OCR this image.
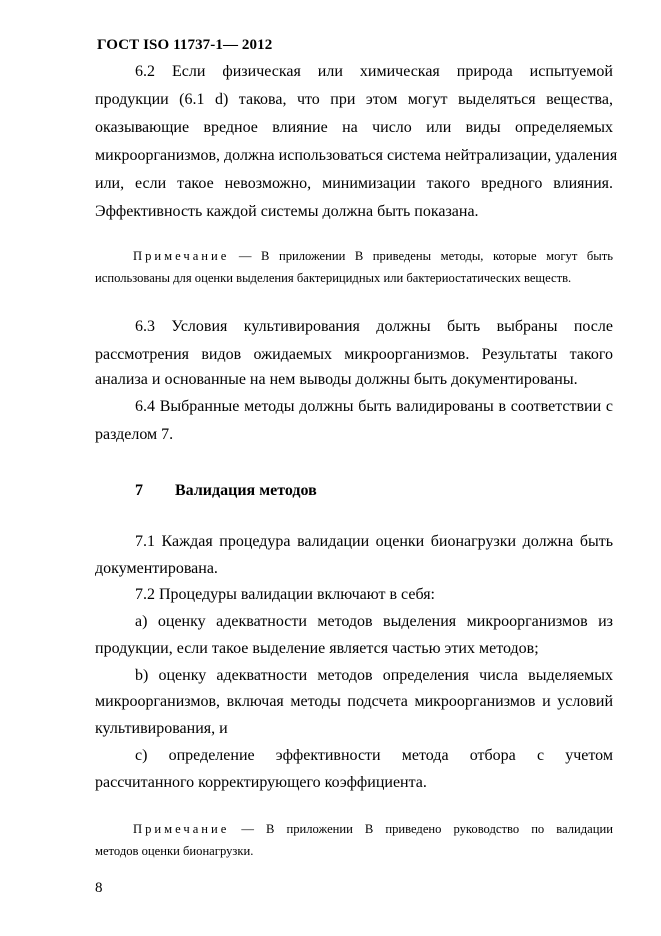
ГОСТ ISO 11737-1— 2012
6.2 Если физическая или химическая природа испытуемой
продукции (6.1 d) такова, что при этом могут выделяться вещества,
оказывающие вредное влияние на число или виды определяемых
микроорганизмов, должна использоваться система нейтрализации, удаления
или, если такое невозможно, минимизации такого вредного влияния.
Эффективность каждой системы должна быть показана.
Примечание — В приложении В приведены методы, которые могут быть
использованы для оценки выделения бактерицидных или бактериостатических веществ.
6.3 Условия культивирования должны быть выбраны после
рассмотрения видов ожидаемых микроорганизмов. Результаты такого
анализа и основанные на нем выводы должны быть документированы.
6.4 Выбранные методы должны быть валидированы в соответствии с
разделом 7.
7 Валидация методов
7.1 Каждая процедура валидации оценки бионагрузки должна быть
документирована.
7.2 Процедуры валидации включают в себя:
а) оценку адекватности методов выделения микроорганизмов из
продукции, если такое выделение является частью этих методов;
b) оценку адекватности методов определения числа выделяемых
микроорганизмов, включая методы подсчета микроорганизмов и условий
культивирования, и
с) определение эффективности метода отбора с учетом
рассчитанного корректирующего коэффициента.
Примечание — В приложении В приведено руководство по валидации
методов оценки бионагрузки.
8
